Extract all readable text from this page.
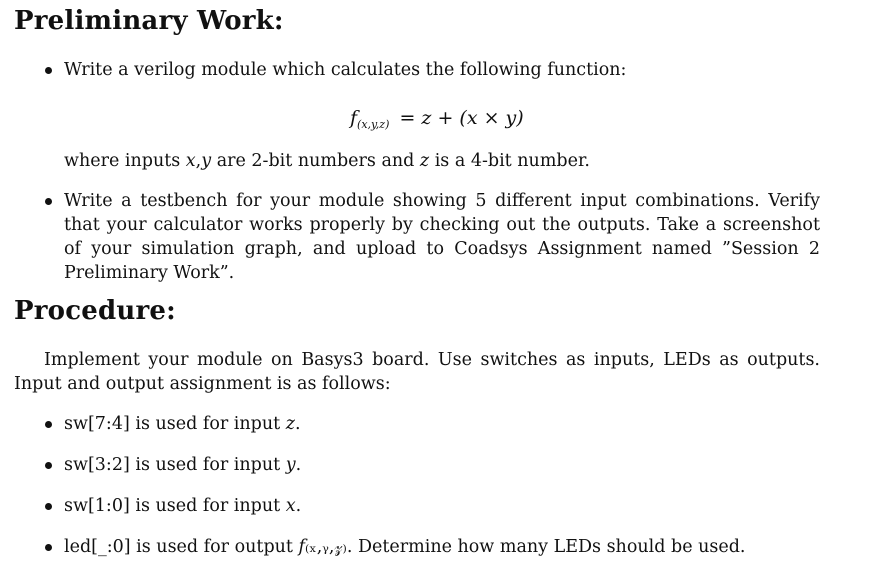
Preliminary Work:

Write a verilog module which calculates the following function:

$f_{(x,y,z)} = z + (x \times y)$

where inputs 𝑥,𝑦 are 2-bit numbers and 𝑧 is a 4-bit number.

Write a testbench for your module showing 5 different input combinations. Verify that your calculator works properly by checking out the outputs. Take a screenshot of your simulation graph, and upload to Coadsys Assignment named ”Session 2 Preliminary Work”.

Procedure:

Implement your module on Basys3 board. Use switches as inputs, LEDs as outputs. Input and output assignment is as follows:

sw[7:4] is used for input 𝑧.

sw[3:2] is used for input 𝑦.

sw[1:0] is used for input 𝑥.

led[_:0] is used for output 𝑓₍ₓ,ᵧ,𝓏₎. Determine how many LEDs should be used.
